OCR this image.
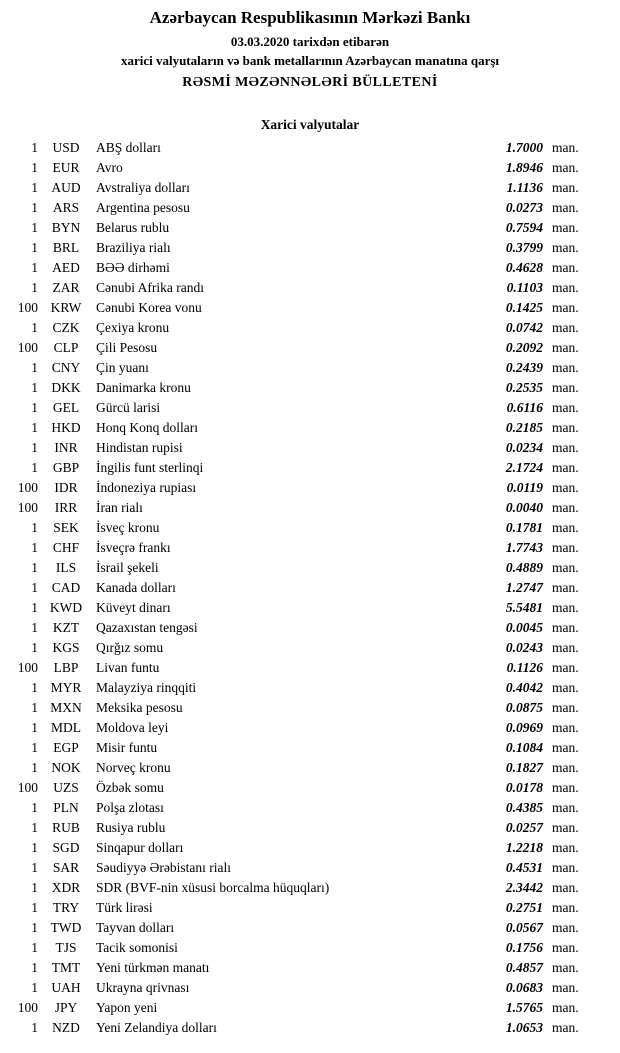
Azərbaycan Respublikasının Mərkəzi Bankı
03.03.2020 tarixdən etibarən
xarici valyutaların və bank metallarının Azərbaycan manatına qarşı
RƏSMİ MƏZƏNNƏLƏRİ BÜLLETENİ
Xarici valyutalar
1	USD	ABŞ dolları	1.7000 man.
1	EUR	Avro	1.8946 man.
1 AUD	Avstraliya dolları	1.1136 man.
1	ARS	Argentina pesosu	0.0273 man.
1	BYN	Belarus rublu	0.7594 man.
1	BRL	Braziliya rialı	0.3799 man.
1	AED	BƏƏ dirhəmi	0.4628 man.
1	ZAR	Cənubi Afrika randı	0.1103 man.
100 KRW	Cənubi Korea vonu	0.1425 man.
1	CZK	Çexiya kronu	0.0742 man.
100	CLP	Çili Pesosu	0.2092 man.
1	CNY	Çin yuanı	0.2439 man.
1 DKK	Danimarka kronu	0.2535 man.
1	GEL	Gürcü larisi	0.6116 man.
1 HKD	Honq Konq dolları	0.2185 man.
1	INR	Hindistan rupisi	0.0234 man.
1	GBP	İngilis funt sterlinqi	2.1724 man.
100	IDR	İndoneziya rupiası	0.0119 man.
100	IRR	İran rialı	0.0040 man.
1	SEK	İsveç kronu	0.1781 man.
1	CHF	İsveçrə frankı	1.7743 man.
1	ILS	İsrail şekeli	0.4889 man.
1	CAD	Kanada dolları	1.2747 man.
1 KWD	Küveyt dinarı	5.5481 man.
1	KZT	Qazaxıstan tengəsi	0.0045 man.
1	KGS	Qırğız somu	0.0243 man.
100	LBP	Livan funtu	0.1126 man.
1 MYR	Malayziya rinqqiti	0.4042 man.
1 MXN	Meksika pesosu	0.0875 man.
1 MDL	Moldova leyi	0.0969 man.
1	EGP	Misir funtu	0.1084 man.
1 NOK	Norveç kronu	0.1827 man.
100	UZS	Özbək somu	0.0178 man.
1	PLN	Polşa zlotası	0.4385 man.
1	RUB	Rusiya rublu	0.0257 man.
1	SGD	Sinqapur dolları	1.2218 man.
1	SAR	Səudiyyə Ərəbistanı rialı	0.4531 man.
1	XDR	SDR (BVF-nin xüsusi borcalma hüquqları)	2.3442 man.
1	TRY	Türk lirəsi	0.2751 man.
1 TWD	Tayvan dolları	0.0567 man.
1	TJS	Tacik somonisi	0.1756 man.
1	TMT	Yeni türkmən manatı	0.4857 man.
1 UAH	Ukrayna qrivnası	0.0683 man.
100	JPY	Yapon yeni	1.5765 man.
1	NZD	Yeni Zelandiya dolları	1.0653 man.
